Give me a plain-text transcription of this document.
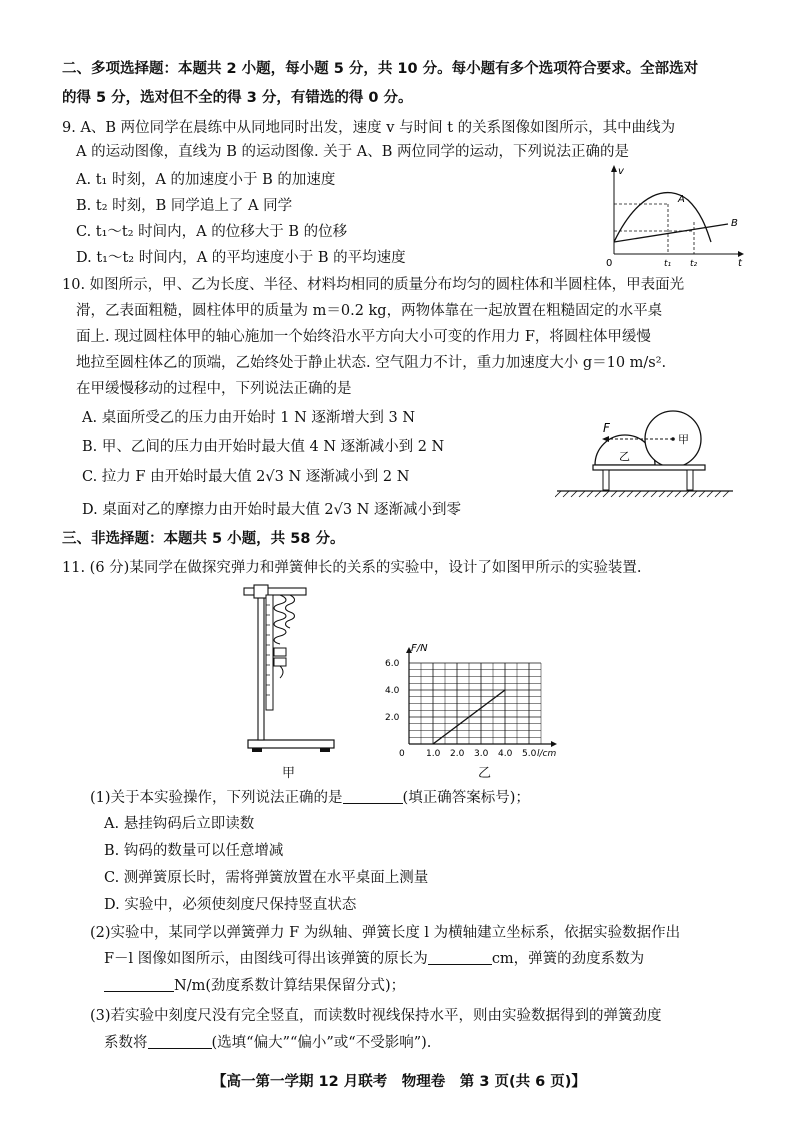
二、多项选择题：本题共 2 小题，每小题 5 分，共 10 分。每小题有多个选项符合要求。全部选对
的得 5 分，选对但不全的得 3 分，有错选的得 0 分。
9. A、B 两位同学在晨练中从同地同时出发，速度 v 与时间 t 的关系图像如图所示，其中曲线为
A 的运动图像，直线为 B 的运动图像. 关于 A、B 两位同学的运动，下列说法正确的是
A. t₁ 时刻，A 的加速度小于 B 的加速度
B. t₂ 时刻，B 同学追上了 A 同学
C. t₁～t₂ 时间内，A 的位移大于 B 的位移
D. t₁～t₂ 时间内，A 的平均速度小于 B 的平均速度
v
t
0	t₁ t₂
A
B
10. 如图所示，甲、乙为长度、半径、材料均相同的质量分布均匀的圆柱体和半圆柱体，甲表面光
滑，乙表面粗糙，圆柱体甲的质量为 m＝0.2 kg，两物体靠在一起放置在粗糙固定的水平桌
面上. 现过圆柱体甲的轴心施加一个始终沿水平方向大小可变的作用力 F，将圆柱体甲缓慢
地拉至圆柱体乙的顶端，乙始终处于静止状态. 空气阻力不计，重力加速度大小 g＝10 m/s².
在甲缓慢移动的过程中，下列说法正确的是
A. 桌面所受乙的压力由开始时 1 N 逐渐增大到 3 N
B. 甲、乙间的压力由开始时最大值 4 N 逐渐减小到 2 N
C. 拉力 F 由开始时最大值 2√3 N 逐渐减小到 2 N
D. 桌面对乙的摩擦力由开始时最大值 2√3 N 逐渐减小到零
F
甲
乙
三、非选择题：本题共 5 小题，共 58 分。
11. (6 分)某同学在做探究弹力和弹簧伸长的关系的实验中，设计了如图甲所示的实验装置.
甲
1.0 2.0 3.0 4.0 5.0
2.0
4.0
6.0
0
F/N
l/cm
乙
(1)关于本实验操作，下列说法正确的是	(填正确答案标号)；
A. 悬挂钩码后立即读数
B. 钩码的数量可以任意增减
C. 测弹簧原长时，需将弹簧放置在水平桌面上测量
D. 实验中，必须使刻度尺保持竖直状态
(2)实验中，某同学以弹簧弹力 F 为纵轴、弹簧长度 l 为横轴建立坐标系，依据实验数据作出
F－l 图像如图所示，由图线可得出该弹簧的原长为	cm，弹簧的劲度系数为
N/m(劲度系数计算结果保留分式)；
(3)若实验中刻度尺没有完全竖直，而读数时视线保持水平，则由实验数据得到的弹簧劲度
系数将	(选填“偏大”“偏小”或“不受影响”).
【高一第一学期 12 月联考　物理卷　第 3 页(共 6 页)】
